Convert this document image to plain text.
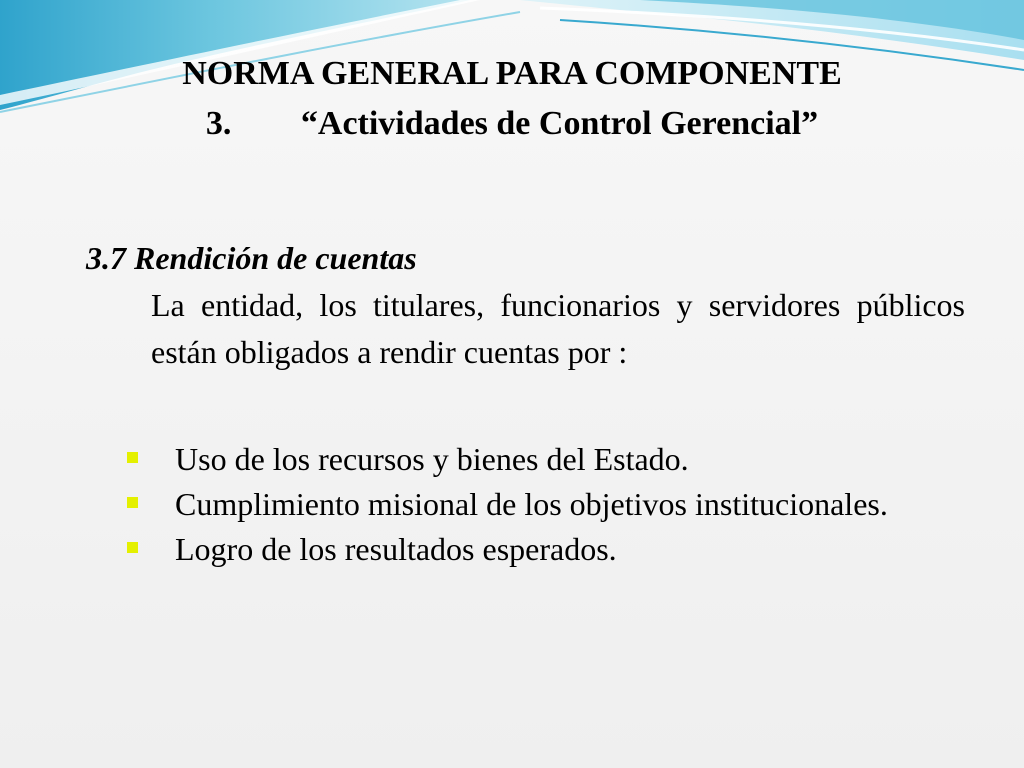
NORMA GENERAL PARA COMPONENTE
3. “Actividades de Control Gerencial”

3.7 Rendición de cuentas

La entidad, los titulares, funcionarios y servidores públicos están obligados a rendir cuentas por :

Uso de los recursos y bienes del Estado.
Cumplimiento misional de los objetivos institucionales.
Logro de los resultados esperados.
